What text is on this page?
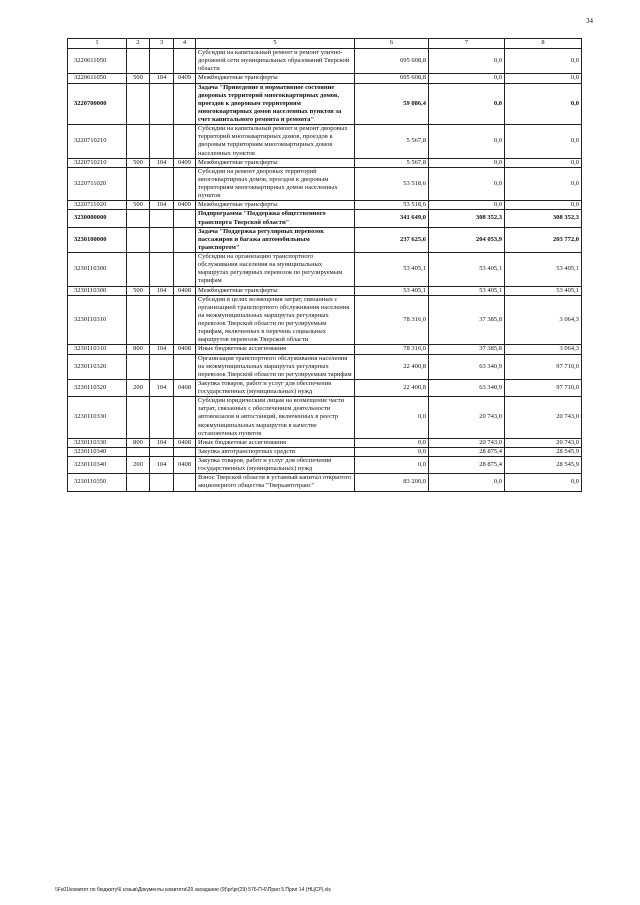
34
1	2	3	4	5	6	7	8
3220611050				Субсидии на капитальный ремонт и ремонт улично-дорожной сети муниципальных образований Тверской области	695 608,8	0,0	0,0
3220611050	500	104	0409	Межбюджетные трансферты	695 608,8	0,0	0,0
3220700000				Задача "Приведение в нормативное состояние дворовых территорий многоквартирных домов, проездов к дворовым территориям многоквартирных домов населенных пунктов за счет капитального ремонта и ремонта"	59 086,4	0,0	0,0
3220710210				Субсидии на капитальный ремонт и ремонт дворовых территорий многоквартирных домов, проездов к дворовым территориям многоквартирных домов населенных пунктов	5 567,8	0,0	0,0
3220710210	500	104	0409	Межбюджетные трансферты	5 567,8	0,0	0,0
3220711020				Субсидии на ремонт дворовых территорий многоквартирных домов, проездов к дворовым территориям многоквартирных домов населенных пунктов	53 518,6	0,0	0,0
3220711020	500	104	0409	Межбюджетные трансферты	53 518,6	0,0	0,0
3230000000				Подпрограмма "Поддержка общественного транспорта Тверской области"	341 649,0	308 352,3	308 352,3
3230100000				Задача "Поддержка регулярных перевозок пассажиров и багажа автомобильным транспортом"	237 625,6	204 053,9	203 772,0
3230110300				Субсидии на организацию транспортного обслуживания населения на муниципальных маршрутах регулярных перевозок по регулируемым тарифам	53 405,1	53 405,1	53 405,1
3230110300	500	104	0408	Межбюджетные трансферты	53 405,1	53 405,1	53 405,1
3230110310				Субсидии в целях возмещения затрат, связанных с организацией транспортного обслуживания населения на межмуниципальных маршрутах регулярных перевозок Тверской области по регулируемым тарифам, включенных в перечень социальных маршрутов перевозок Тверской области	78 316,0	37 385,8	3 064,3
3230110310	800	104	0408	Иные бюджетные ассигнования	78 316,0	37 385,8	3 064,3
3230110320				Организация транспортного обслуживания населения на межмуниципальных маршрутах регулярных перевозок Тверской области по регулируемым тарифам	22 400,8	63 340,9	97 710,0
3230110320	200	104	0408	Закупка товаров, работ и услуг для обеспечения государственных (муниципальных) нужд	22 400,8	63 340,9	97 710,0
3230110330				Субсидии юридическим лицам на возмещение части затрат, связанных с обеспечением деятельности автовокзалов и автостанций, включенных в реестр межмуниципальных маршрутов в качестве остановочных пунктов	0,0	20 743,0	20 743,0
3230110330	800	104	0408	Иные бюджетные ассигнования	0,0	20 743,0	20 743,0
3230110340				Закупка автотранспортных средств	0,0	28 875,4	28 545,9
3230110340	200	104	0408	Закупка товаров, работ и услуг для обеспечения государственных (муниципальных) нужд	0,0	28 875,4	28 545,9
3230110350				Взнос Тверской области в уставный капитал открытого акционерного общества "Тверьавтотранс"	83 200,0	0,0	0,0
\\Fs01\комитет по бюджету\6 созыв\Документы комитета\29 заседание (9)\pr\pr(29) 576-П-6\Прил 5 Прил 14 (НЦСР).xls
